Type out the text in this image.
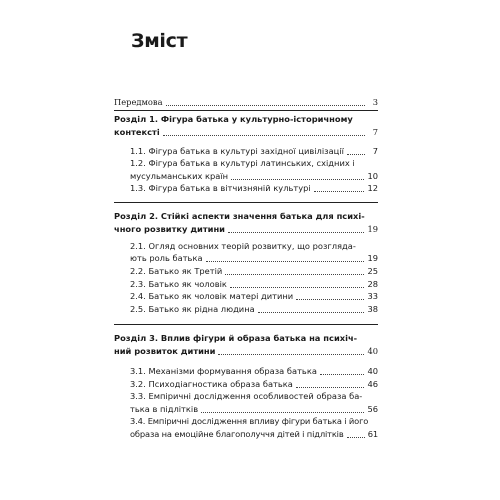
Зміст
Передмова	3
Розділ 1. Фігура батька у культурно-історичному
контексті	7
1.1. Фігура батька в культурі західної цивілізації	7
1.2. Фігура батька в культурі латинських, східних і
мусульманських країн	10
1.3. Фігура батька в вітчизняній культурі	12
Розділ 2. Стійкі аспекти значення батька для психі-
чного розвитку дитини	19
2.1. Огляд основних теорій розвитку, що розгляда-
ють роль батька	19
2.2. Батько як Третій	25
2.3. Батько як чоловік	28
2.4. Батько як чоловік матері дитини	33
2.5. Батько як рідна людина	38
Розділ 3. Вплив фігури й образа батька на психіч-
ний розвиток дитини	40
3.1. Механізми формування образа батька	40
3.2. Психодіагностика образа батька	46
3.3. Емпіричні дослідження особливостей образа ба-
тька в підлітків	56
3.4. Емпіричні дослідження впливу фігури батька і його
образа на емоційне благополуччя дітей і підлітків	61
